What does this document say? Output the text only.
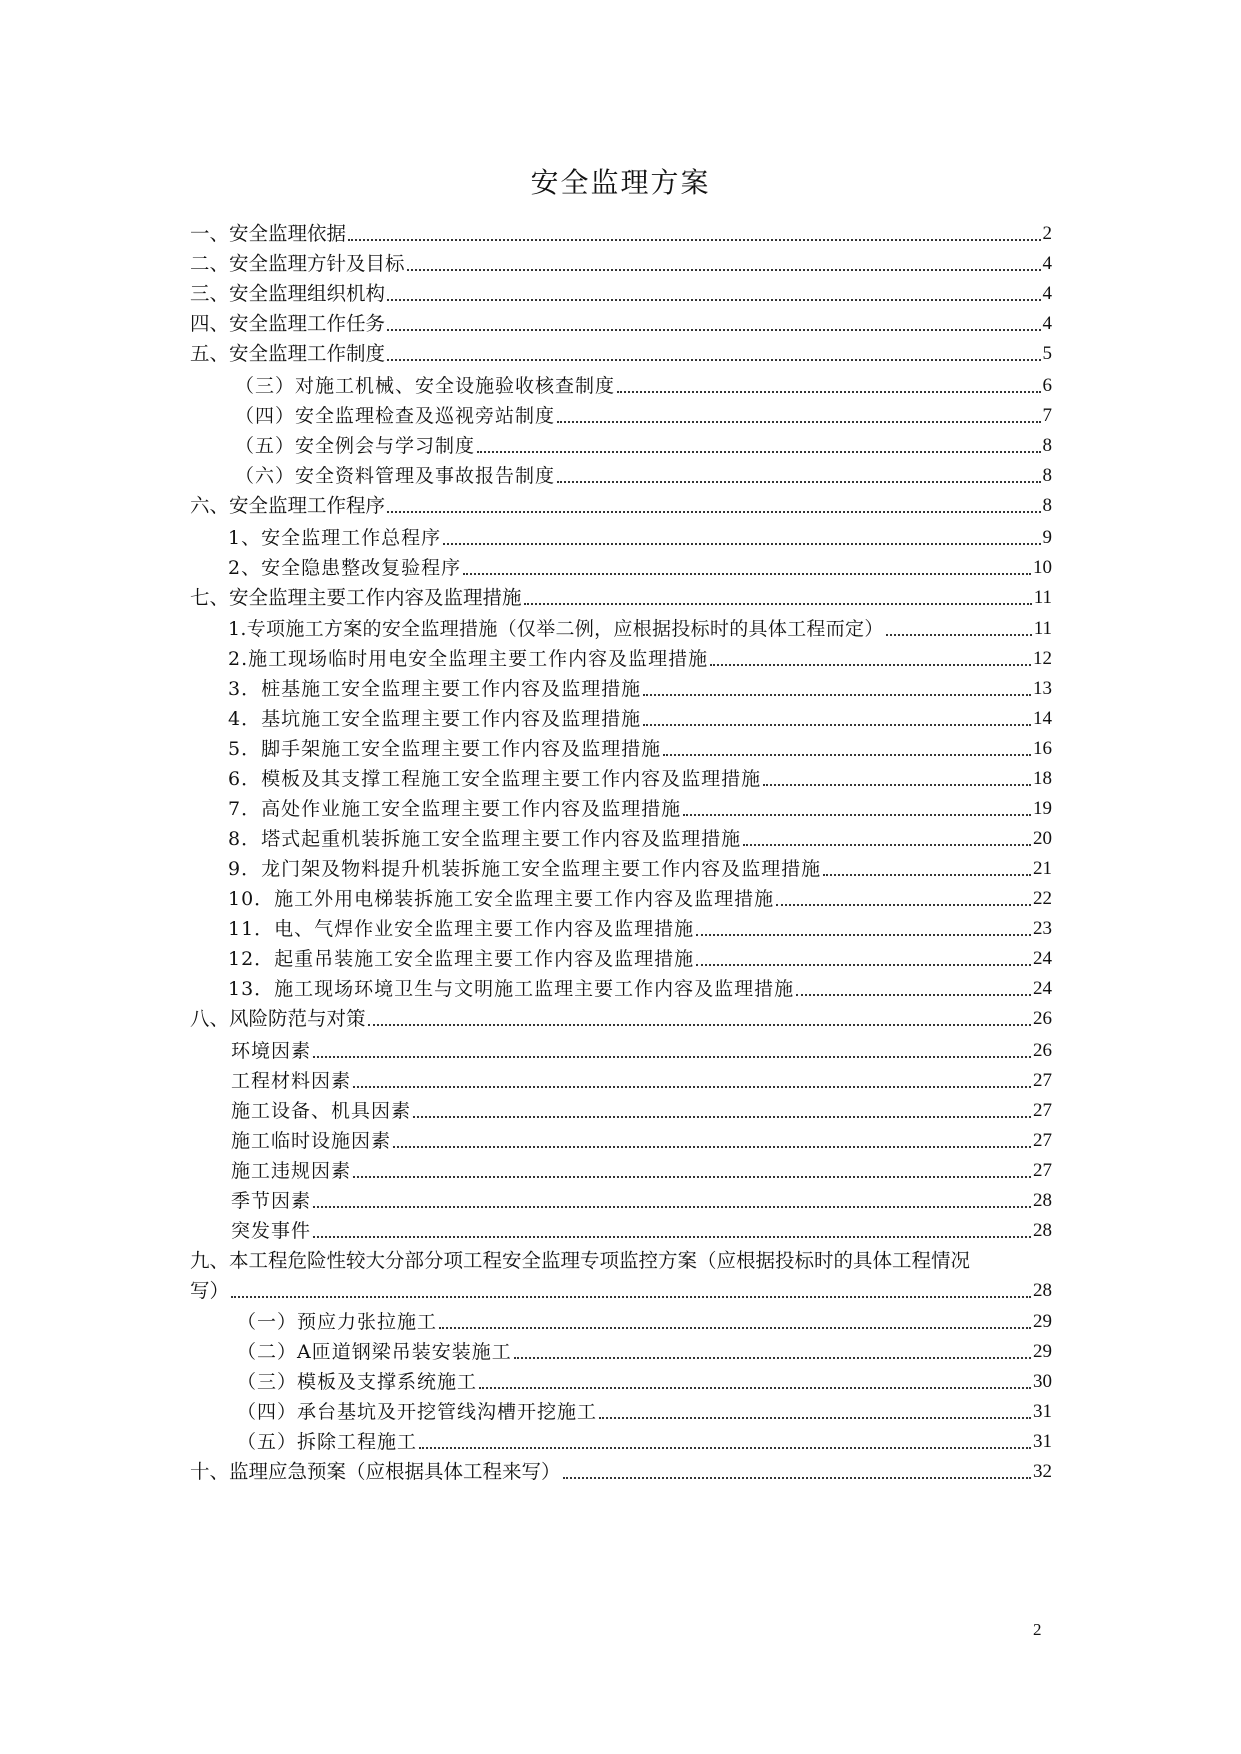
安全监理方案
一、安全监理依据	2
二、安全监理方针及目标	4
三、安全监理组织机构	4
四、安全监理工作任务	4
五、安全监理工作制度	5
（三）对施工机械、安全设施验收核查制度	6
（四）安全监理检查及巡视旁站制度	7
（五）安全例会与学习制度	8
（六）安全资料管理及事故报告制度	8
六、安全监理工作程序	8
1、安全监理工作总程序	9
2、安全隐患整改复验程序	10
七、安全监理主要工作内容及监理措施	11
1.专项施工方案的安全监理措施（仅举二例，应根据投标时的具体工程而定）	11
2.施工现场临时用电安全监理主要工作内容及监理措施	12
3．桩基施工安全监理主要工作内容及监理措施	13
4．基坑施工安全监理主要工作内容及监理措施	14
5．脚手架施工安全监理主要工作内容及监理措施	16
6．模板及其支撑工程施工安全监理主要工作内容及监理措施	18
7．高处作业施工安全监理主要工作内容及监理措施	19
8．塔式起重机装拆施工安全监理主要工作内容及监理措施	20
9．龙门架及物料提升机装拆施工安全监理主要工作内容及监理措施	21
10．施工外用电梯装拆施工安全监理主要工作内容及监理措施	22
11．电、气焊作业安全监理主要工作内容及监理措施	23
12．起重吊装施工安全监理主要工作内容及监理措施	24
13．施工现场环境卫生与文明施工监理主要工作内容及监理措施	24
八、风险防范与对策	26
环境因素	26
工程材料因素	27
施工设备、机具因素	27
施工临时设施因素	27
施工违规因素	27
季节因素	28
突发事件	28
九、本工程危险性较大分部分项工程安全监理专项监控方案（应根据投标时的具体工程情况
写）	28
（一）预应力张拉施工	29
（二）A匝道钢梁吊装安装施工	29
（三）模板及支撑系统施工	30
（四）承台基坑及开挖管线沟槽开挖施工	31
（五）拆除工程施工	31
十、监理应急预案（应根据具体工程来写）	32
2
